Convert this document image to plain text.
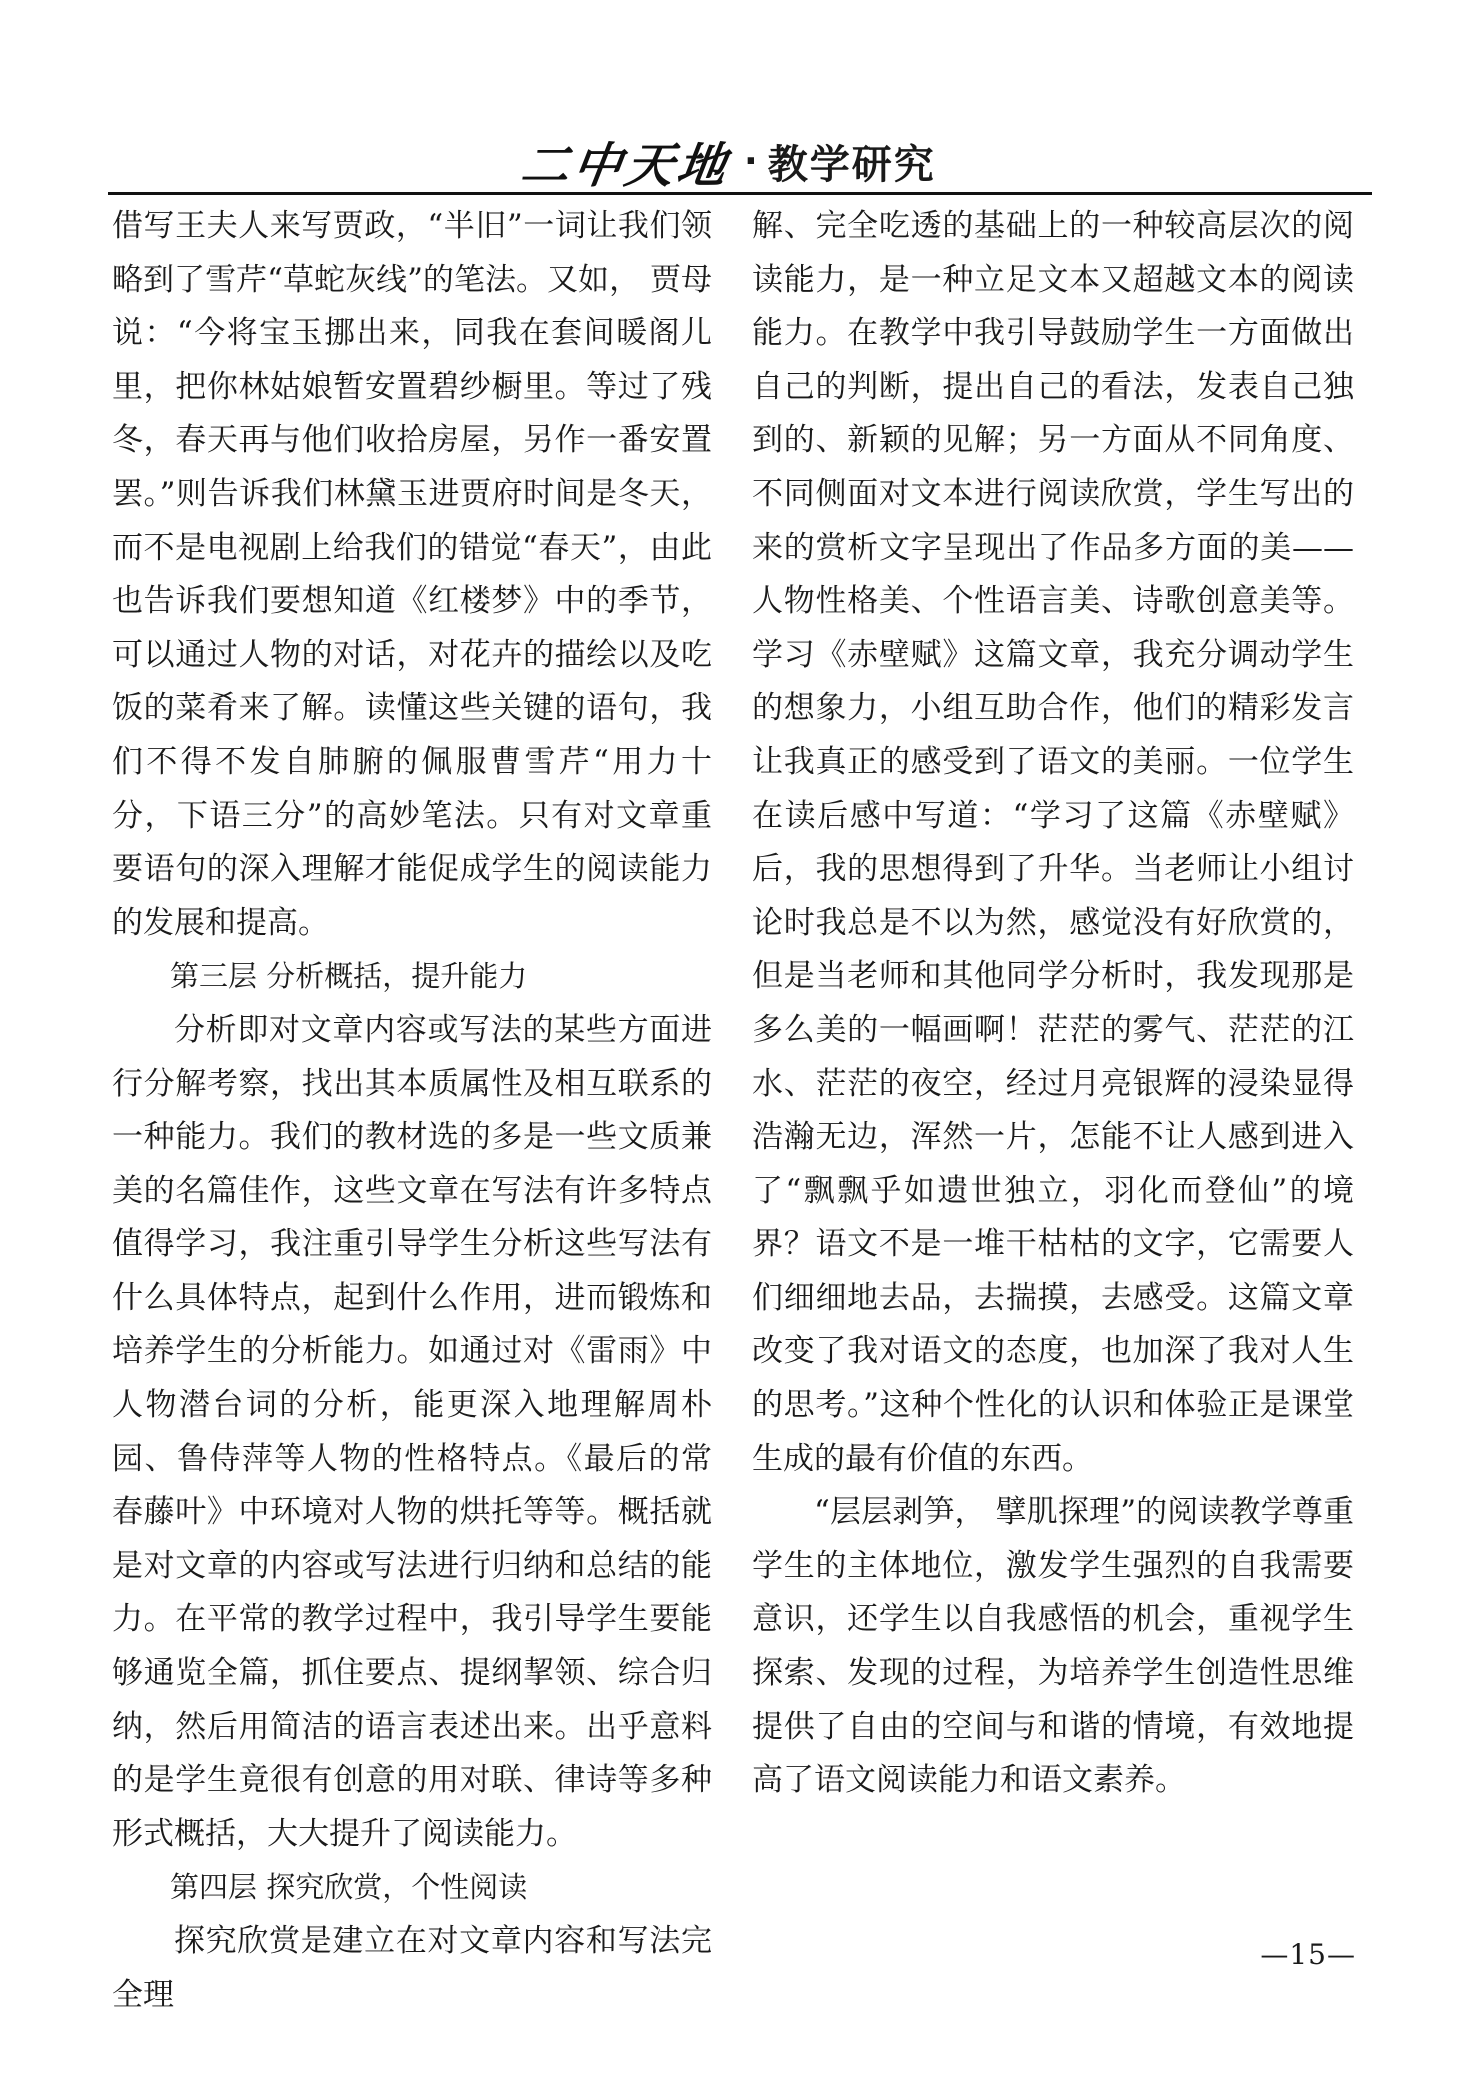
二中天地 · 教学研究

借写王夫人来写贾政，“半旧”一词让我们领略到了雪芹“草蛇灰线”的笔法。又如， 贾母说：“今将宝玉挪出来，同我在套间暖阁儿里，把你林姑娘暂安置碧纱橱里。等过了残冬，春天再与他们收拾房屋，另作一番安置罢。”则告诉我们林黛玉进贾府时间是冬天，而不是电视剧上给我们的错觉“春天”，由此也告诉我们要想知道《红楼梦》中的季节，可以通过人物的对话，对花卉的描绘以及吃饭的菜肴来了解。读懂这些关键的语句，我们不得不发自肺腑的佩服曹雪芹“用力十分，下语三分”的高妙笔法。只有对文章重要语句的深入理解才能促成学生的阅读能力的发展和提高。

第三层 分析概括，提升能力

分析即对文章内容或写法的某些方面进行分解考察，找出其本质属性及相互联系的一种能力。我们的教材选的多是一些文质兼美的名篇佳作，这些文章在写法有许多特点值得学习，我注重引导学生分析这些写法有什么具体特点，起到什么作用，进而锻炼和培养学生的分析能力。如通过对《雷雨》中人物潜台词的分析，能更深入地理解周朴园、鲁侍萍等人物的性格特点。《最后的常春藤叶》中环境对人物的烘托等等。概括就是对文章的内容或写法进行归纳和总结的能力。在平常的教学过程中，我引导学生要能够通览全篇，抓住要点、提纲挈领、综合归纳，然后用简洁的语言表述出来。出乎意料的是学生竟很有创意的用对联、律诗等多种形式概括，大大提升了阅读能力。

第四层 探究欣赏，个性阅读

探究欣赏是建立在对文章内容和写法完全理

解、完全吃透的基础上的一种较高层次的阅读能力，是一种立足文本又超越文本的阅读能力。在教学中我引导鼓励学生一方面做出自己的判断，提出自己的看法，发表自己独到的、新颖的见解；另一方面从不同角度、不同侧面对文本进行阅读欣赏，学生写出的来的赏析文字呈现出了作品多方面的美——人物性格美、个性语言美、诗歌创意美等。学习《赤壁赋》这篇文章，我充分调动学生的想象力，小组互助合作，他们的精彩发言让我真正的感受到了语文的美丽。一位学生在读后感中写道：“学习了这篇《赤壁赋》后，我的思想得到了升华。当老师让小组讨论时我总是不以为然，感觉没有好欣赏的，但是当老师和其他同学分析时，我发现那是多么美的一幅画啊！茫茫的雾气、茫茫的江水、茫茫的夜空，经过月亮银辉的浸染显得浩瀚无边，浑然一片，怎能不让人感到进入了“飘飘乎如遗世独立，羽化而登仙”的境界？语文不是一堆干枯枯的文字，它需要人们细细地去品，去揣摸，去感受。这篇文章改变了我对语文的态度，也加深了我对人生的思考。”这种个性化的认识和体验正是课堂生成的最有价值的东西。

“层层剥笋， 擘肌探理”的阅读教学尊重学生的主体地位，激发学生强烈的自我需要意识，还学生以自我感悟的机会，重视学生探索、发现的过程，为培养学生创造性思维提供了自由的空间与和谐的情境，有效地提高了语文阅读能力和语文素养。

—15—
